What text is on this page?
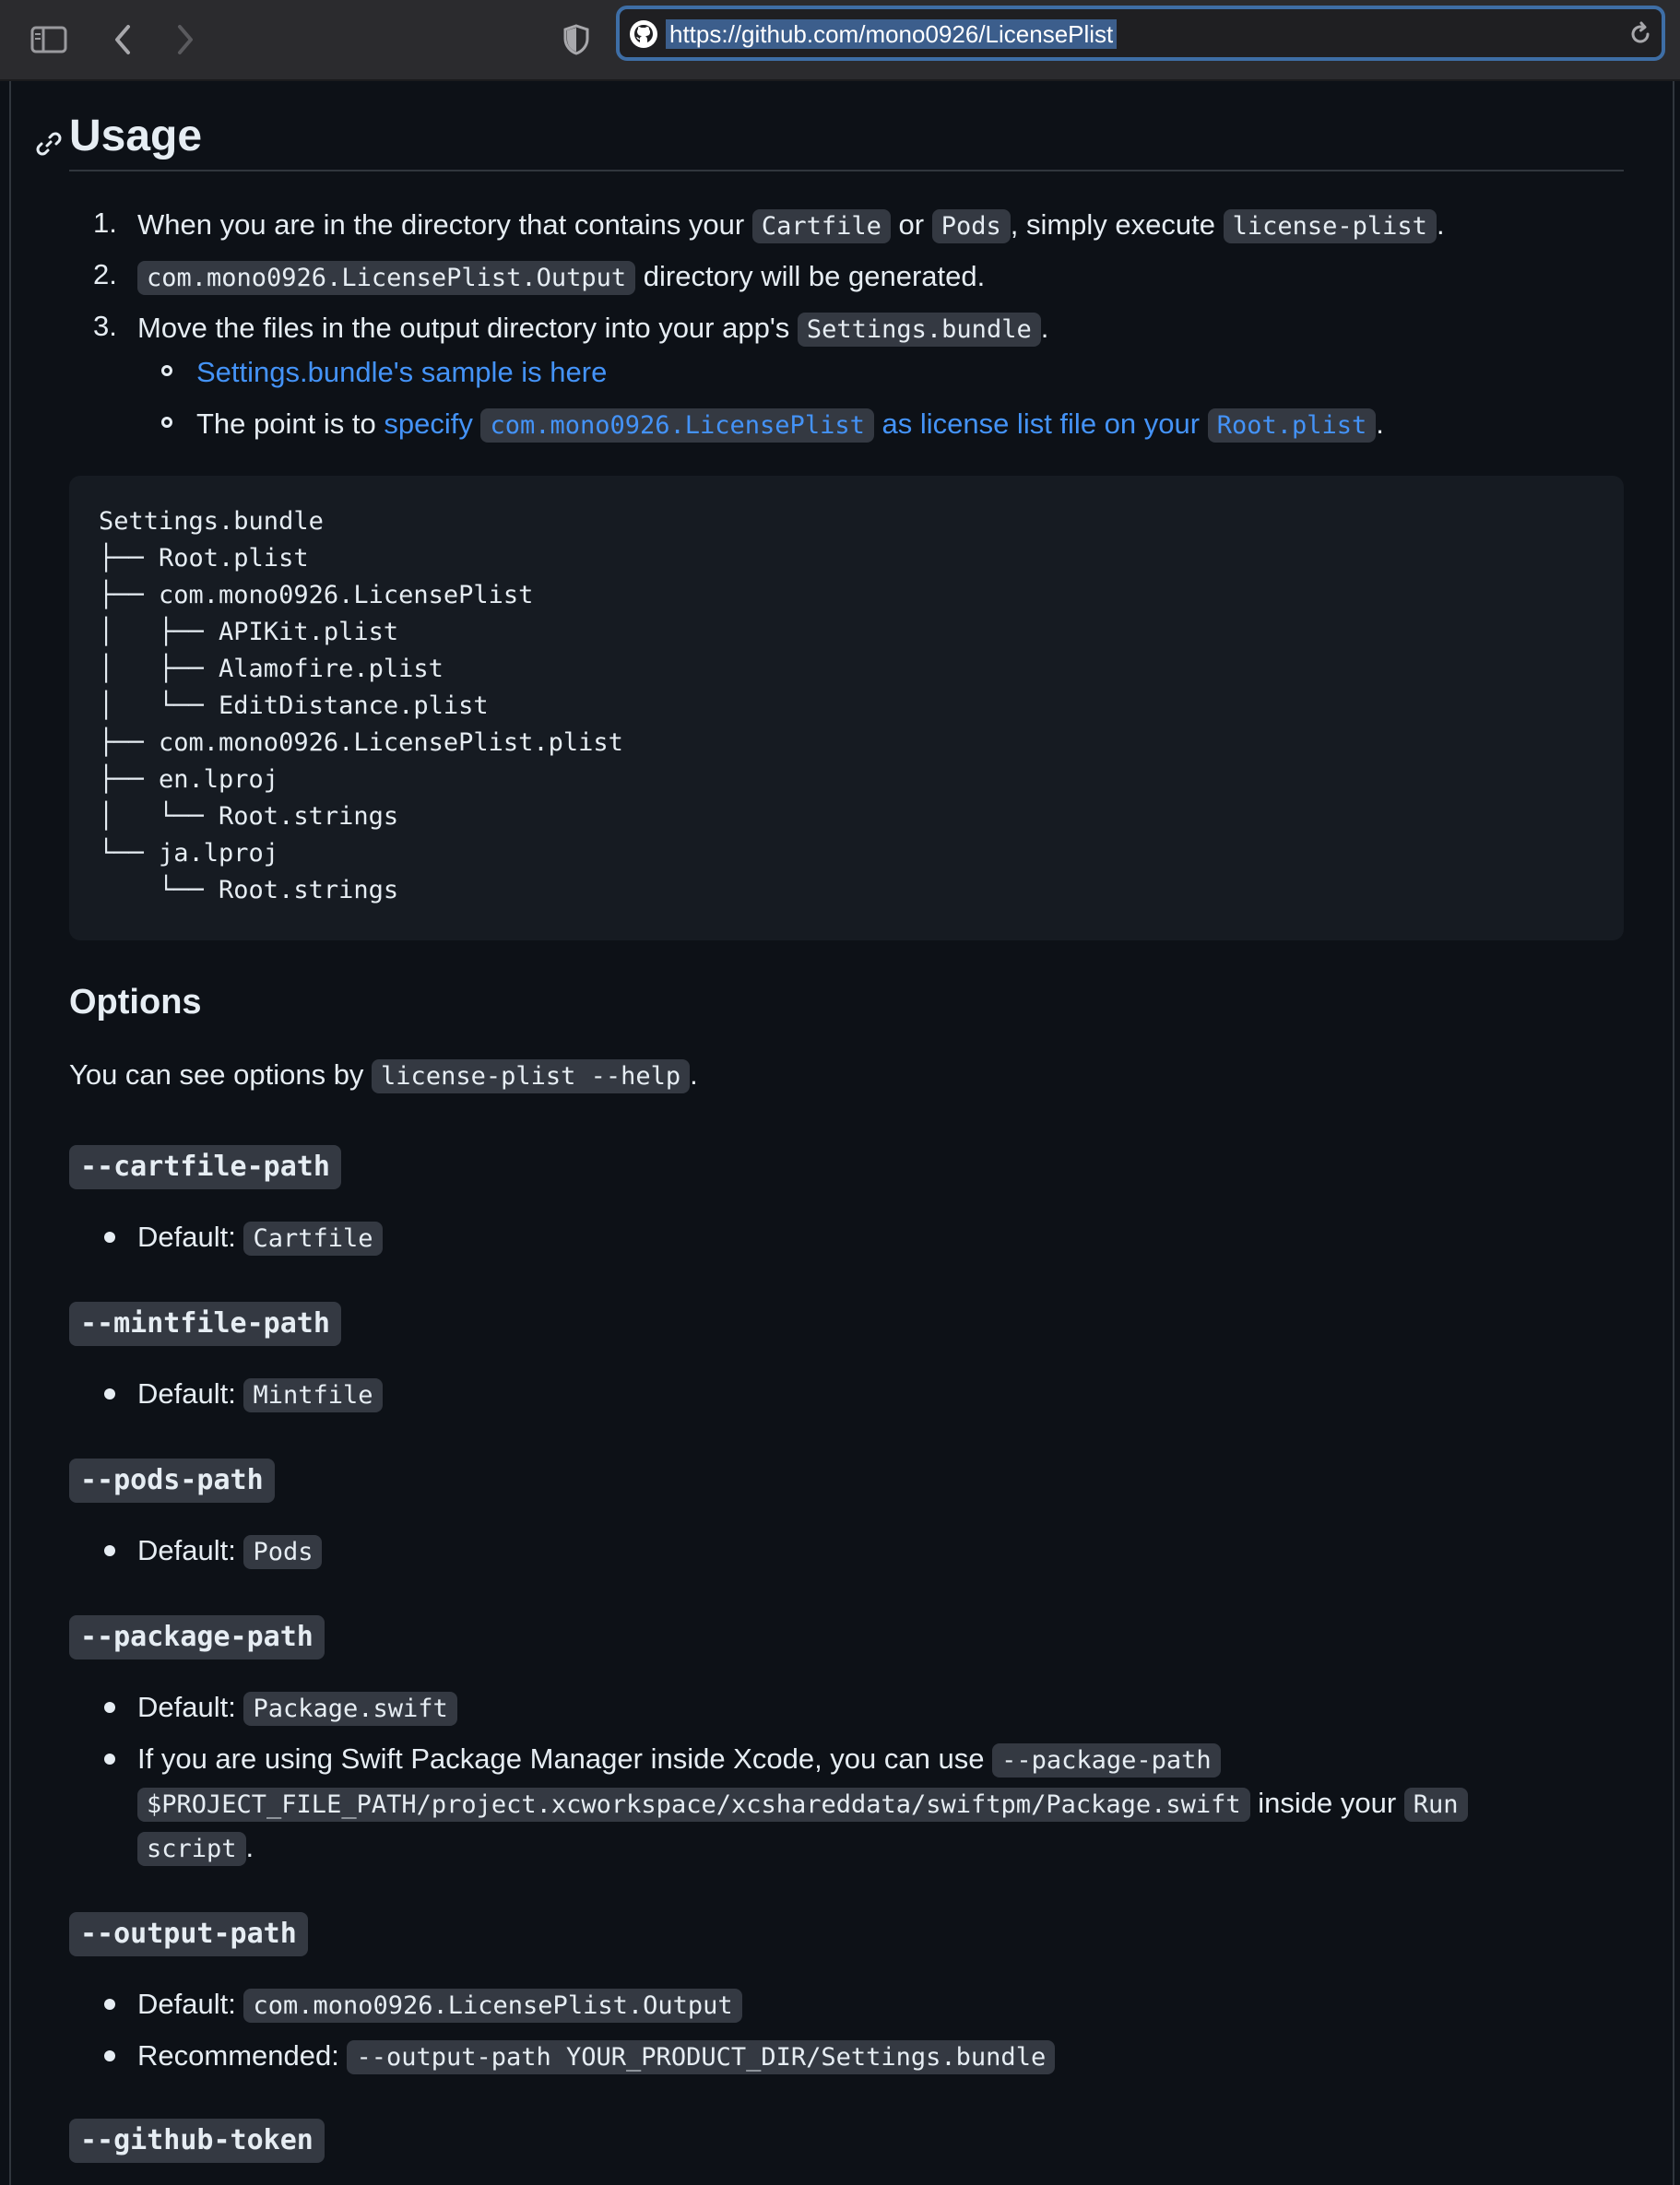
https://github.com/mono0926/LicensePlist
Usage
1. When you are in the directory that contains your Cartfile or Pods , simply execute license-plist .
2.	com.mono0926.LicensePlist.Output directory will be generated.
3. Move the files in the output directory into your app's Settings.bundle .
Settings.bundle's sample is here
The point is to specify com.mono0926.LicensePlist as license list file on your Root.plist .
Settings.bundle
├── Root.plist
├── com.mono0926.LicensePlist
│   ├── APIKit.plist
│   ├── Alamofire.plist
│   └── EditDistance.plist
├── com.mono0926.LicensePlist.plist
├── en.lproj
│   └── Root.strings
└── ja.lproj
└── Root.strings
Options
You can see options by license-plist --help .
--cartfile-path
Default: Cartfile
--mintfile-path
Default: Mintfile
--pods-path
Default: Pods
--package-path
Default: Package.swift
If you are using Swift Package Manager inside Xcode, you can use --package-path
$PROJECT_FILE_PATH/project.xcworkspace/xcshareddata/swiftpm/Package.swift inside your Run
script .
--output-path
Default: com.mono0926.LicensePlist.Output
Recommended: --output-path YOUR_PRODUCT_DIR/Settings.bundle
--github-token
